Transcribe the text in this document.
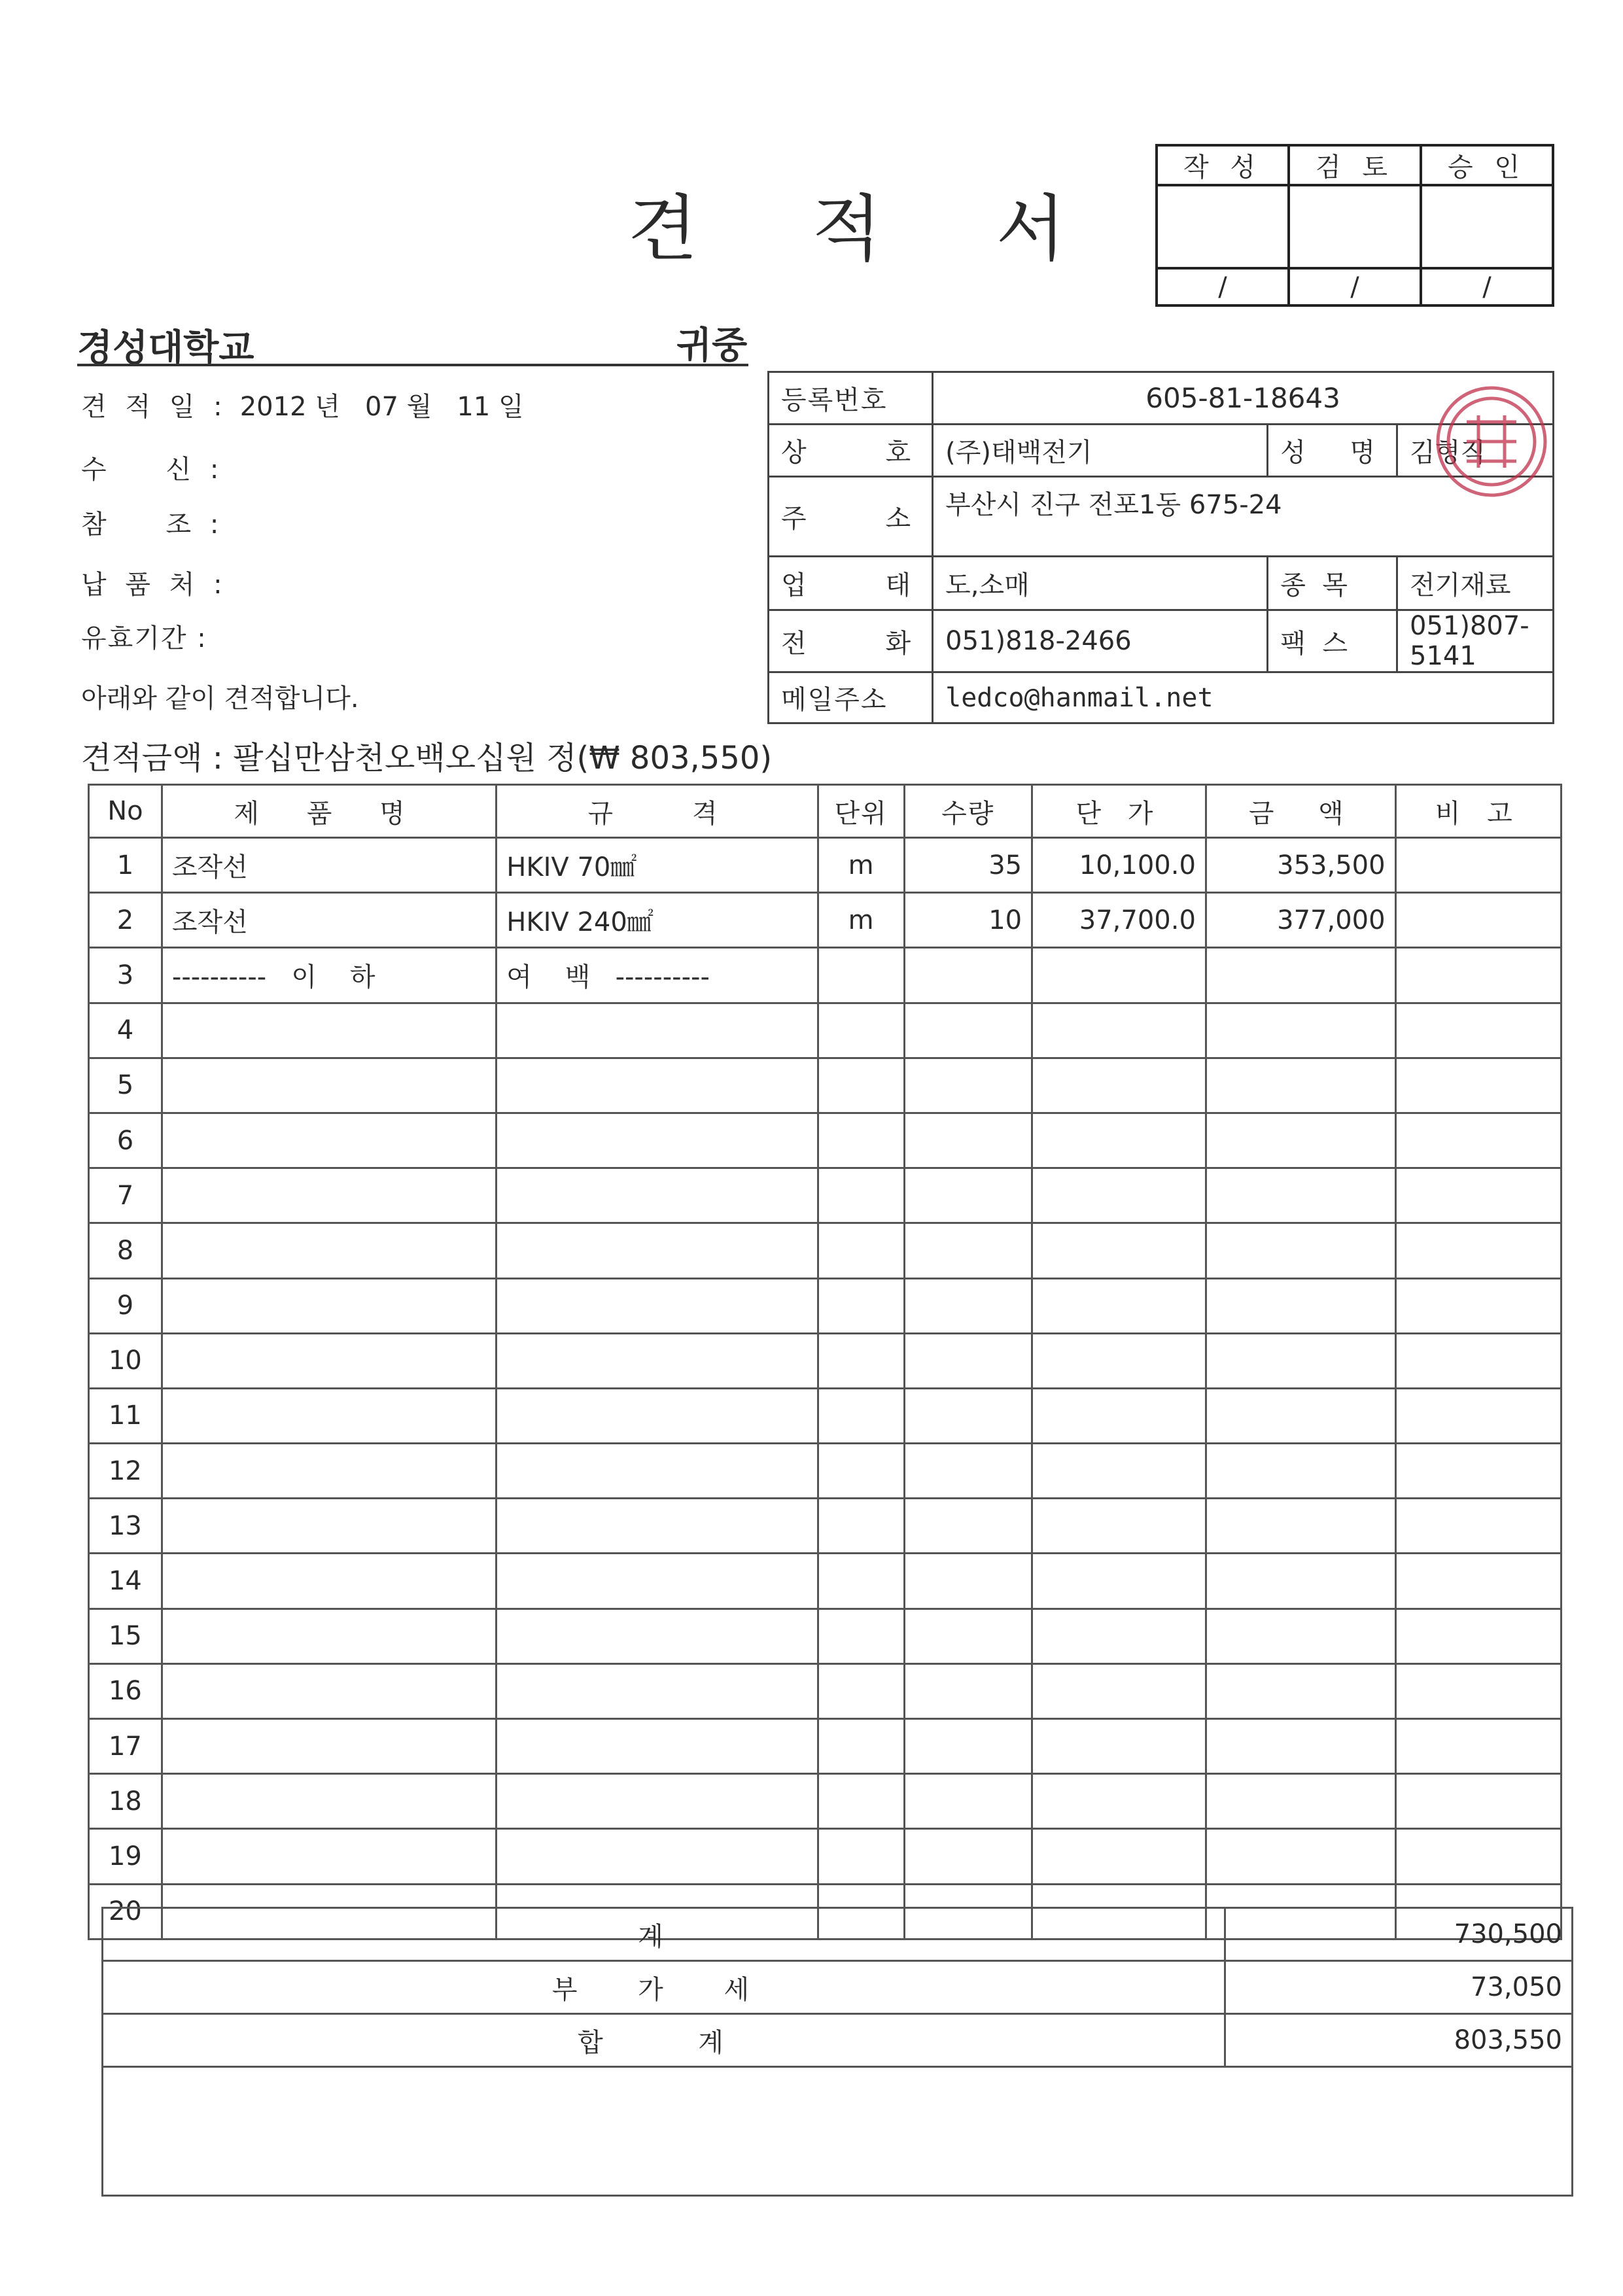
작 성	검 토	승 인

/	/	/
견 적 서
경성대학교	귀중
견 적 일 : 2012 년   07 월   11 일
수    신 :
참    조 :
납 품 처 :
유효기간 :
아래와 같이 견적합니다.
등록번호	605-81-18643		
상    호	(주)태백전기	성  명	김형직
주    소	부산시 진구 전포1동 675-24		
업    태	도,소매	종  목	전기재료
전    화	051)818-2466	팩  스	051)807-5141
메일주소	ledco@hanmail.net		
견적금액 : 팔십만삼천오백오십원 정(₩ 803,550)
No	제 품 명	규    격	단위	수량	단 가	금  액	비 고
1	조작선	HKIV 70㎟	m	35	10,100.0	353,500	
2	조작선	HKIV 240㎟	m	10	37,700.0	377,000	
3	----------   이    하	여    백   ----------					
4							
5							
6							
7							
8							
9							
10							
11							
12							
13							
14							
15							
16							
17							
18							
19							
20							
계	730,500
부 가 세	73,050
합  계	803,550
